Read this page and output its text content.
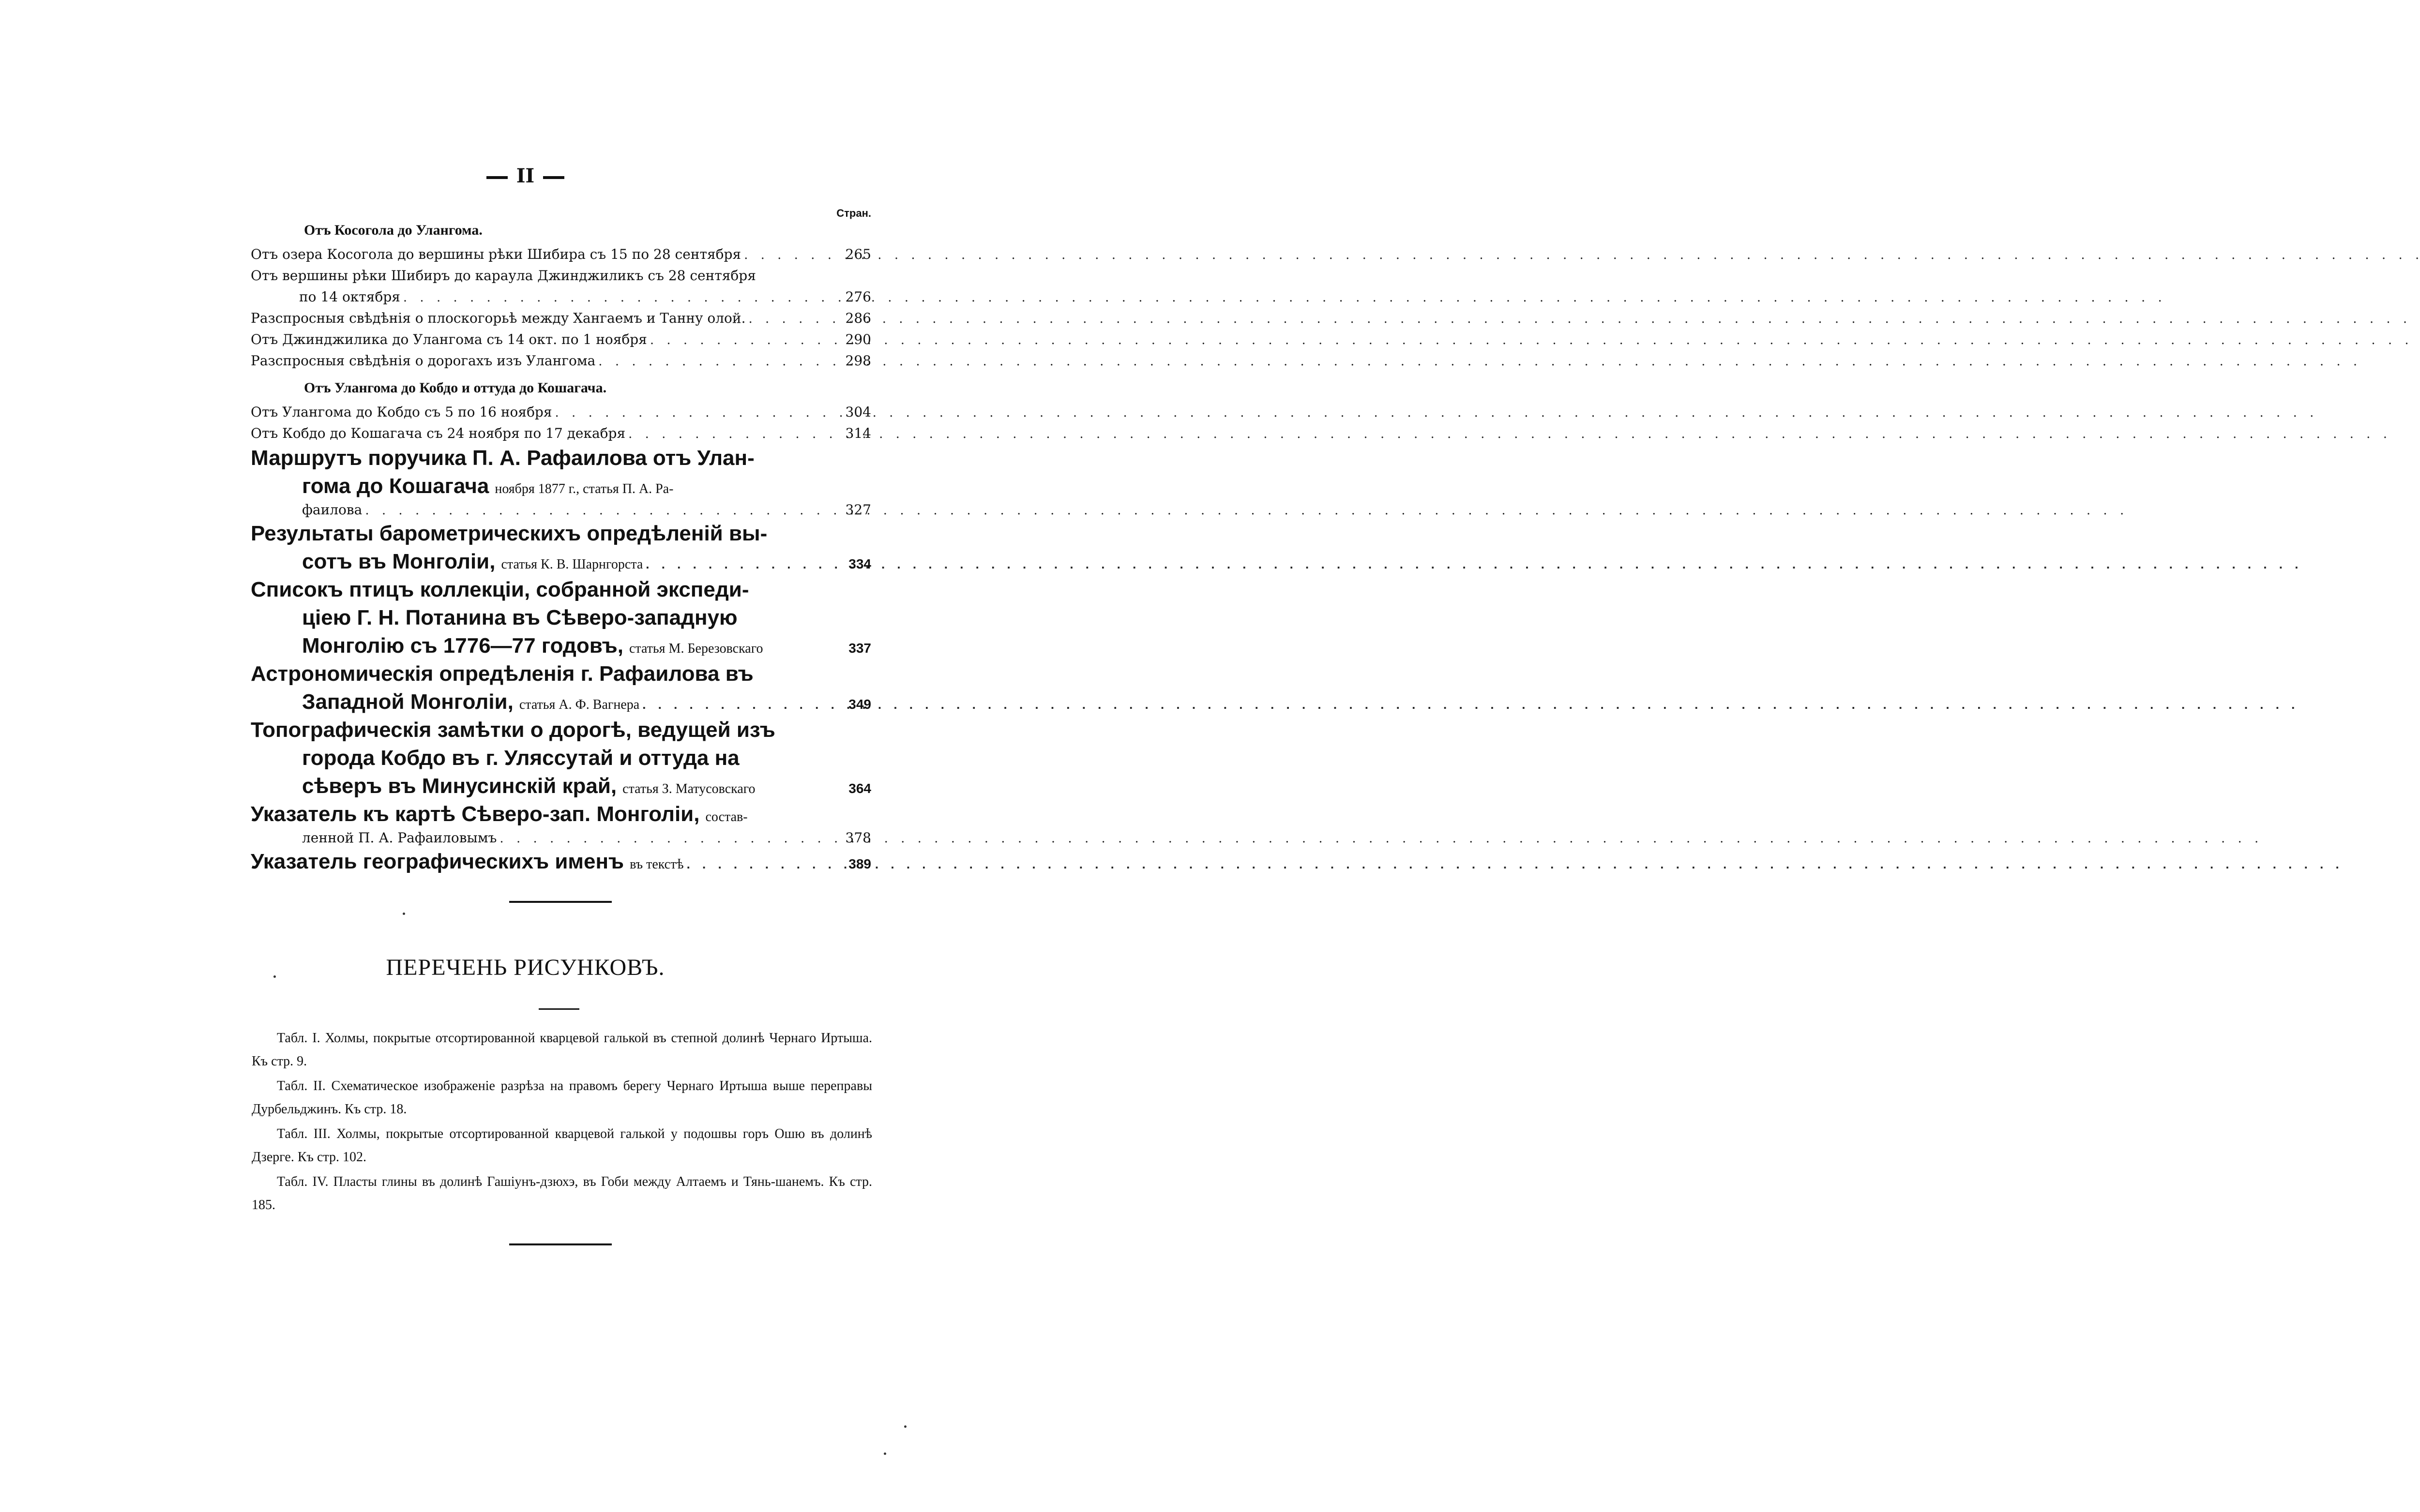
II
Стран.
Отъ Косогола до Улангома.
Отъ озера Косогола до вершины рѣки Шибира съ 15 по 28 сентября . . .	265
Отъ вершины рѣки Шибиръ до караула Джинджиликъ съ 28 сентября
по 14 октября . . .	276
Разспросныя свѣдѣнія о плоскогорьѣ между Хангаемъ и Танну олой. . . .	286
Отъ Джинджилика до Улангома съ 14 окт. по 1 ноября . . .	290
Разспросныя свѣдѣнія о дорогахъ изъ Улангома . . .	298
Отъ Улангома до Кобдо и оттуда до Кошагача.
Отъ Улангома до Кобдо съ 5 по 16 ноября . . .	304
Отъ Кобдо до Кошагача съ 24 ноября по 17 декабря . . .	314
Маршрутъ поручика П. А. Рафаилова отъ Улан-
гома до Кошагача ноября 1877 г., статья П. А. Ра-
фаилова . . .	327
Результаты барометрическихъ опредѣленій вы-
сотъ въ Монголіи, статья К. В. Шарнгорста . . .	334
Списокъ птицъ коллекціи, собранной экспеди-
ціею Г. Н. Потанина въ Сѣверо-западную
Монголію съ 1776—77 годовъ, статья М. Березовскаго	337
Астрономическія опредѣленія г. Рафаилова въ
Западной Монголіи, статья А. Ф. Вагнера . . .	349
Топографическія замѣтки о дорогѣ, ведущей изъ
города Кобдо въ г. Уляссутай и оттуда на
сѣверъ въ Минусинскій край, статья З. Матусовскаго	364
Указатель къ картѣ Сѣверо-зап. Монголіи, состав-
ленной П. А. Рафаиловымъ . . .	378
Указатель географическихъ именъ въ текстѣ . . .	389
ПЕРЕЧЕНЬ РИСУНКОВЪ.

Табл. I. Холмы, покрытые отсортированной кварцевой галькой въ степной долинѣ Чернаго Иртыша. Къ стр. 9.

Табл. II. Схематическое изображеніе разрѣза на правомъ берегу Чернаго Иртыша выше переправы Дурбельджинъ. Къ стр. 18.

Табл. III. Холмы, покрытые отсортированной кварцевой галькой у подошвы горъ Ошю въ долинѣ Дзерге. Къ стр. 102.

Табл. IV. Пласты глины въ долинѣ Гашіунъ-дзюхэ, въ Гоби между Алтаемъ и Тянь-шанемъ. Къ стр. 185.
